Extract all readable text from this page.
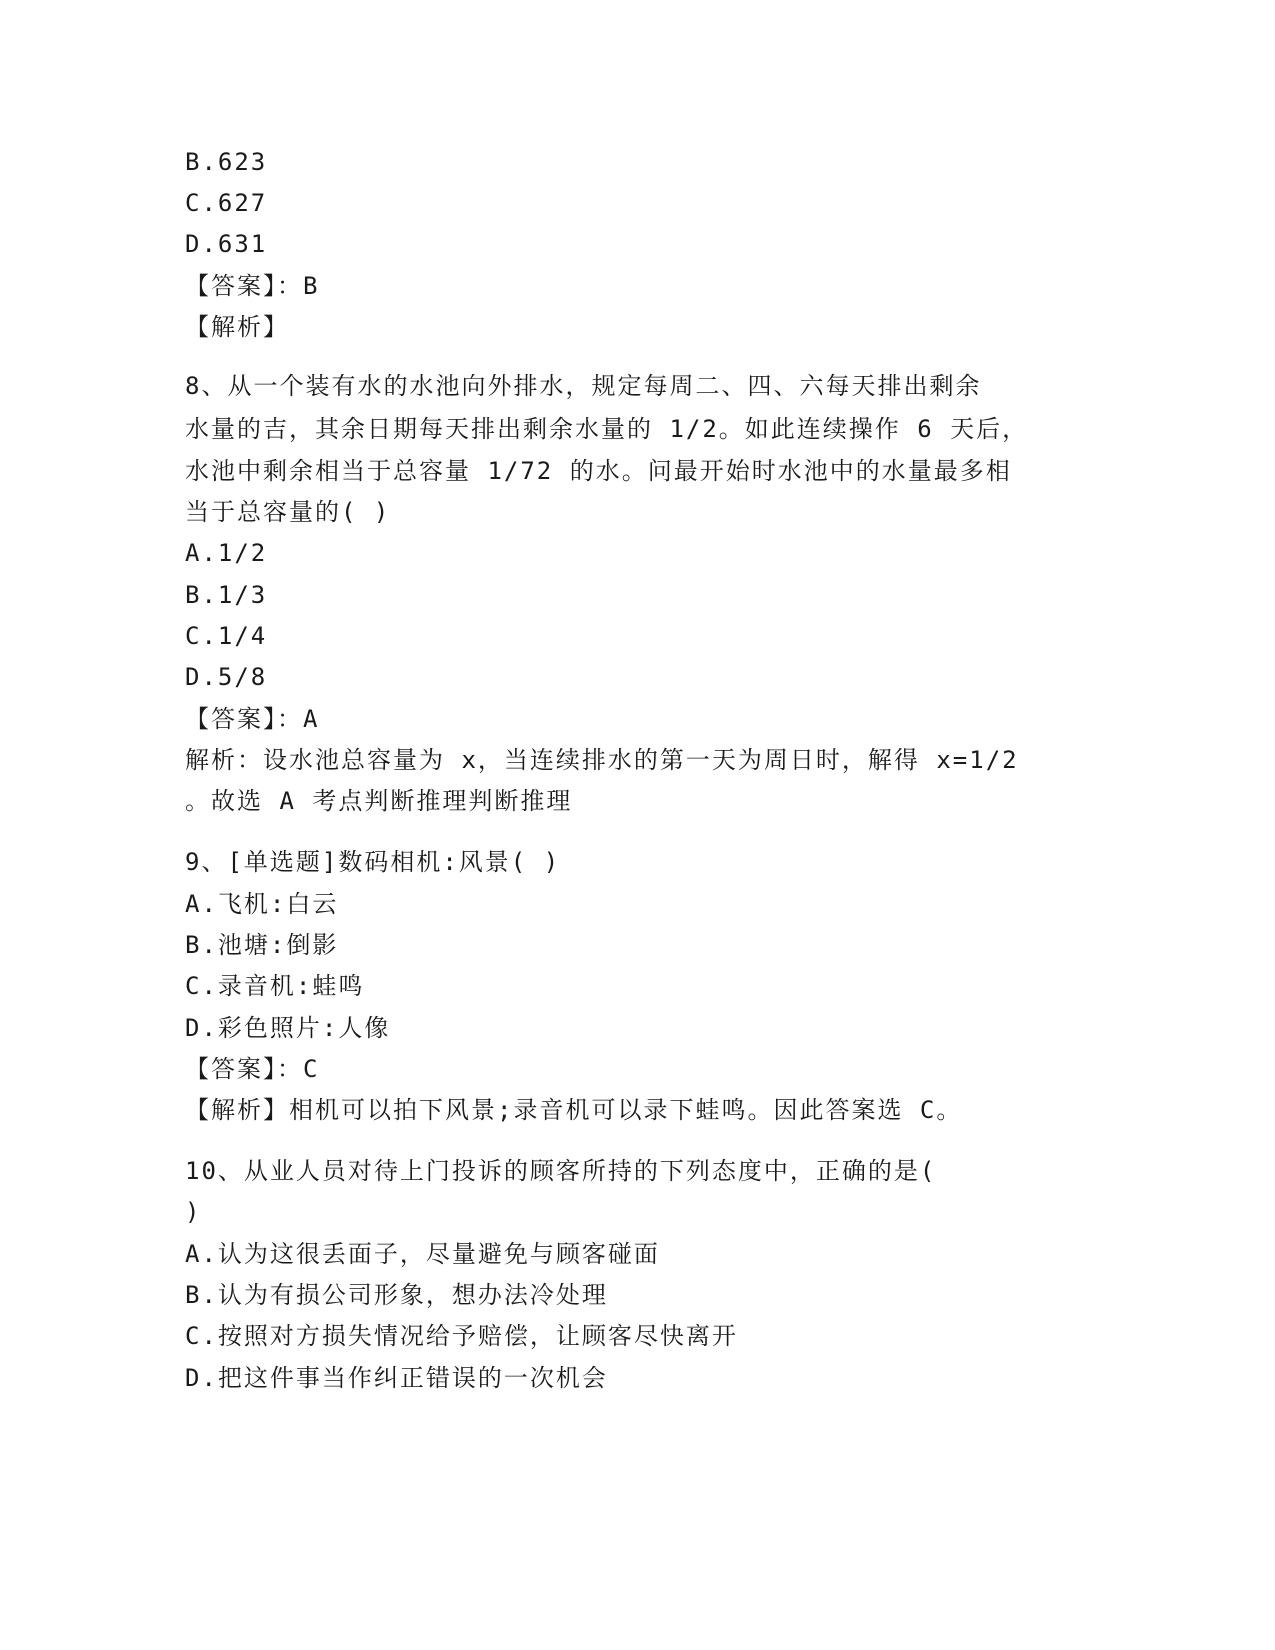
B.623
C.627
D.631
【答案】：B
【解析】
8、从一个装有水的水池向外排水，规定每周二、四、六每天排出剩余
水量的吉，其余日期每天排出剩余水量的 1/2。如此连续操作 6 天后，
水池中剩余相当于总容量 1/72 的水。问最开始时水池中的水量最多相
当于总容量的( )
A.1/2
B.1/3
C.1/4
D.5/8
【答案】：A
解析：设水池总容量为 x，当连续排水的第一天为周日时，解得 x=1/2
。故选 A 考点判断推理判断推理
9、[单选题]数码相机:风景( )
A.飞机:白云
B.池塘:倒影
C.录音机:蛙鸣
D.彩色照片:人像
【答案】：C
【解析】相机可以拍下风景;录音机可以录下蛙鸣。因此答案选 C。
10、从业人员对待上门投诉的顾客所持的下列态度中，正确的是(
)
A.认为这很丢面子，尽量避免与顾客碰面
B.认为有损公司形象，想办法冷处理
C.按照对方损失情况给予赔偿，让顾客尽快离开
D.把这件事当作纠正错误的一次机会
